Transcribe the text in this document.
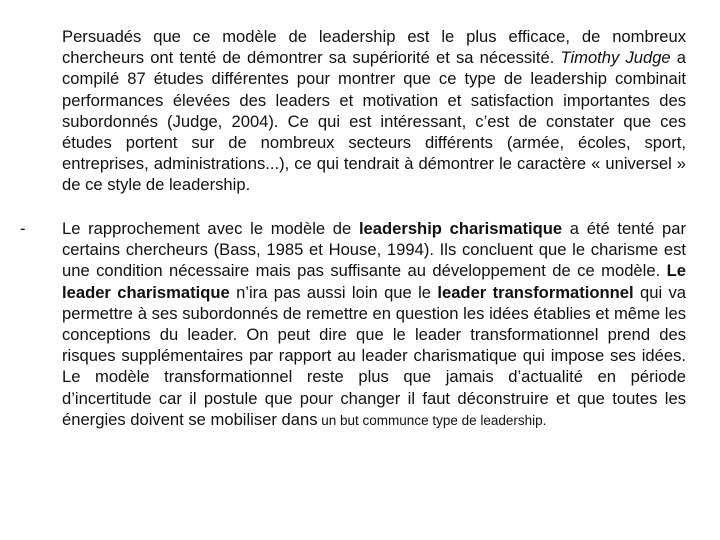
Persuadés que ce modèle de leadership est le plus efficace, de nombreux chercheurs ont tenté de démontrer sa supériorité et sa nécessité. Timothy Judge a compilé 87 études différentes pour montrer que ce type de leadership combinait performances élevées des leaders et motivation et satisfaction importantes des subordonnés (Judge, 2004). Ce qui est intéressant, c’est de constater que ces études portent sur de nombreux secteurs différents (armée, écoles, sport, entreprises, administrations...), ce qui tendrait à démontrer le caractère « universel » de ce style de leadership.
- Le rapprochement avec le modèle de leadership charismatique a été tenté par certains chercheurs (Bass, 1985 et House, 1994). Ils concluent que le charisme est une condition nécessaire mais pas suffisante au développement de ce modèle. Le leader charismatique n’ira pas aussi loin que le leader transformationnel qui va permettre à ses subordonnés de remettre en question les idées établies et même les conceptions du leader. On peut dire que le leader transformationnel prend des risques supplémentaires par rapport au leader charismatique qui impose ses idées. Le modèle transformationnel reste plus que jamais d’actualité en période d’incertitude car il postule que pour changer il faut déconstruire et que toutes les énergies doivent se mobiliser dans un but communce type de leadership.
